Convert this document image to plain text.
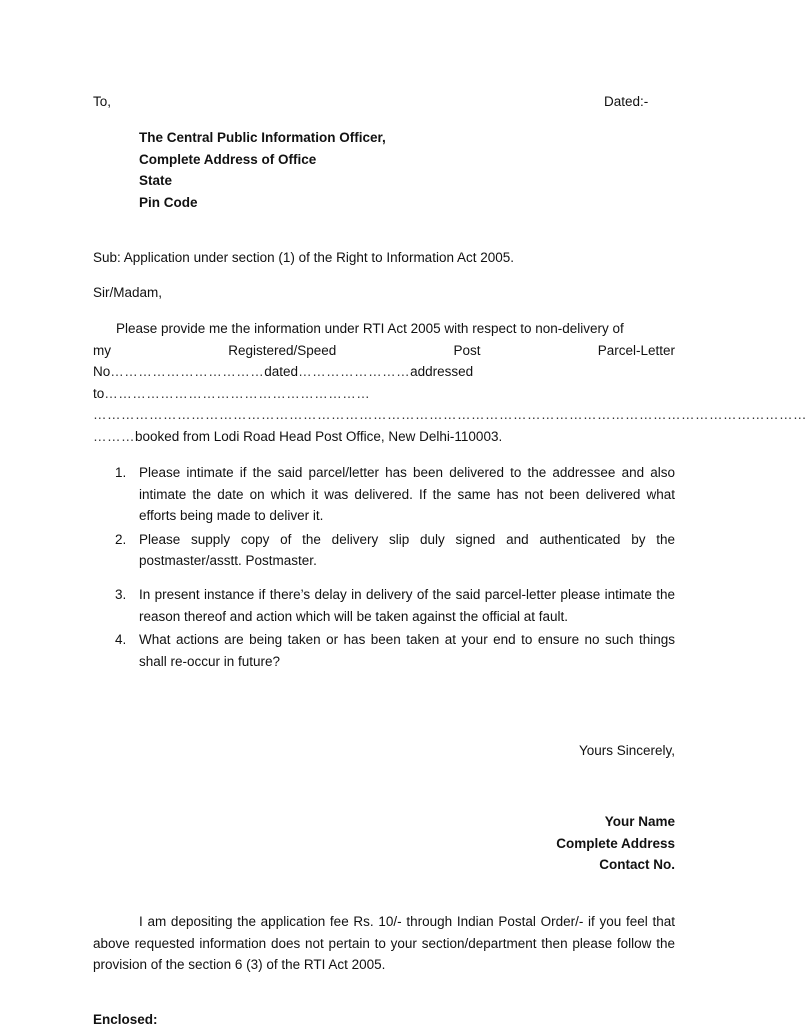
To,	Dated:-
The Central Public Information Officer,
Complete Address of Office
State
Pin Code
Sub: Application under section (1) of the Right to Information Act 2005.
Sir/Madam,
Please provide me the information under RTI Act 2005 with respect to non-delivery of
my	Registered/Speed	Post	Parcel-Letter
No……………………………dated……………………addressed
to…………………………………………………
………………………………………………………………………………………………………………………………………
………booked from Lodi Road Head Post Office, New Delhi-110003.
1. Please intimate if the said parcel/letter has been delivered to the addressee and also intimate the date on which it was delivered. If the same has not been delivered what efforts being made to deliver it.
2. Please supply copy of the delivery slip duly signed and authenticated by the postmaster/asstt. Postmaster.
3. In present instance if there’s delay in delivery of the said parcel-letter please intimate the reason thereof and action which will be taken against the official at fault.
4. What actions are being taken or has been taken at your end to ensure no such things shall re-occur in future?
Yours Sincerely,
Your Name
Complete Address
Contact No.
I am depositing the application fee Rs. 10/- through Indian Postal Order/- if you feel that above requested information does not pertain to your section/department then please follow the provision of the section 6 (3) of the RTI Act 2005.
Enclosed:
